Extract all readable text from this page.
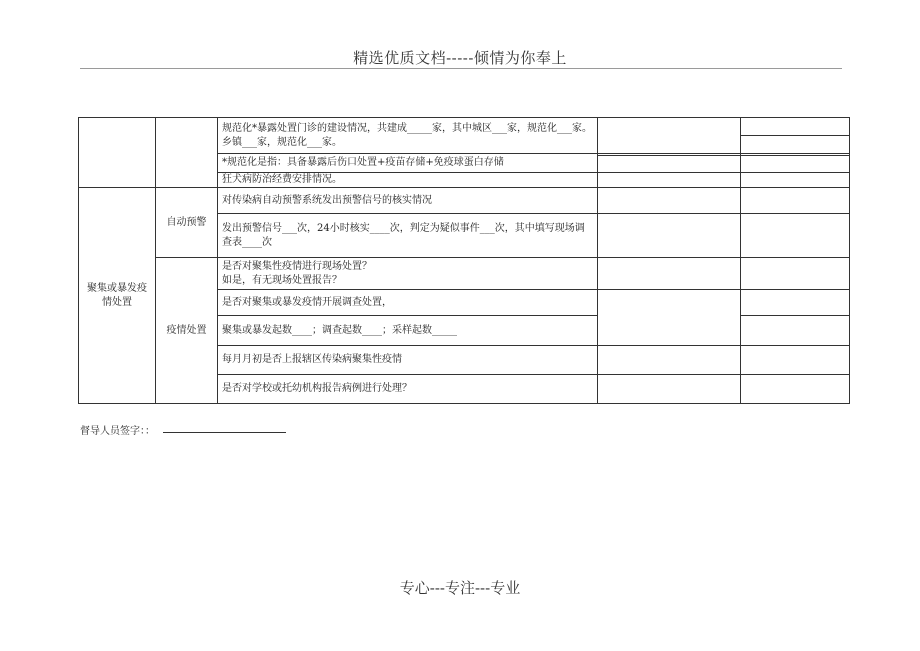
精选优质文档-----倾情为你奉上
		规范化*暴露处置门诊的建设情况，共建成_____家，其中城区___家，规范化___家。乡镇___家，规范化___家。		

		*规范化是指：具备暴露后伤口处置+疫苗存储+免疫球蛋白存储		

		狂犬病防治经费安排情况。		
聚集或暴发疫情处置	自动预警	对传染病自动预警系统发出预警信号的核实情况		
		发出预警信号___次，24小时核实____次，判定为疑似事件___次，其中填写现场调查表____次		
	疫情处置	是否对聚集性疫情进行现场处置？
如是，有无现场处置报告？		
		是否对聚集或暴发疫情开展调查处置，		
		聚集或暴发起数____；调查起数____；采样起数_____		
		每月月初是否上报辖区传染病聚集性疫情		
		是否对学校或托幼机构报告病例进行处理？		
督导人员签字：：
专心---专注---专业
